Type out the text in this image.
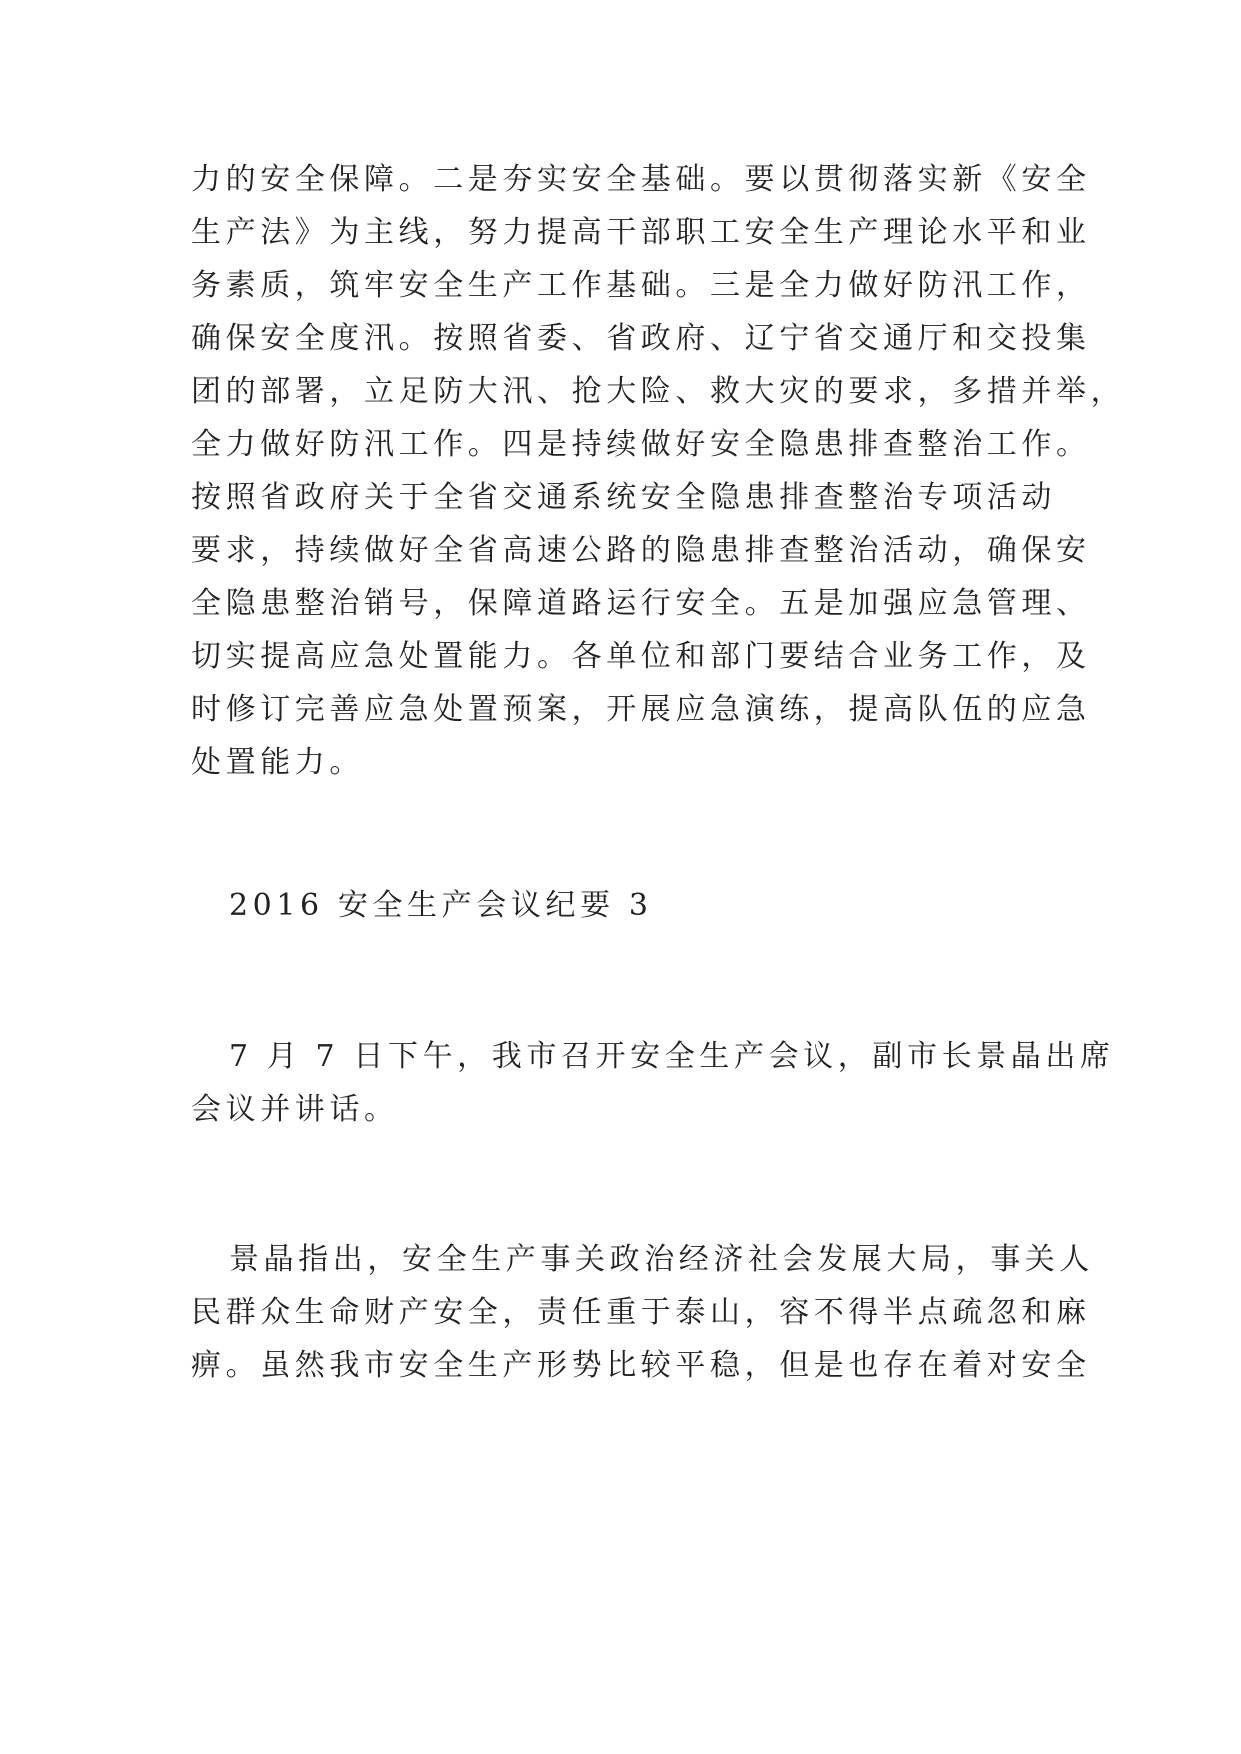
力的安全保障。二是夯实安全基础。要以贯彻落实新《安全
生产法》为主线，努力提高干部职工安全生产理论水平和业
务素质，筑牢安全生产工作基础。三是全力做好防汛工作，
确保安全度汛。按照省委、省政府、辽宁省交通厅和交投集
团的部署，立足防大汛、抢大险、救大灾的要求，多措并举，
全力做好防汛工作。四是持续做好安全隐患排查整治工作。
按照省政府关于全省交通系统安全隐患排查整治专项活动
要求，持续做好全省高速公路的隐患排查整治活动，确保安
全隐患整治销号，保障道路运行安全。五是加强应急管理、
切实提高应急处置能力。各单位和部门要结合业务工作，及
时修订完善应急处置预案，开展应急演练，提高队伍的应急
处置能力。
2016 安全生产会议纪要 3
7 月 7 日下午，我市召开安全生产会议，副市长景晶出席
会议并讲话。
景晶指出，安全生产事关政治经济社会发展大局，事关人
民群众生命财产安全，责任重于泰山，容不得半点疏忽和麻
痹。虽然我市安全生产形势比较平稳，但是也存在着对安全
